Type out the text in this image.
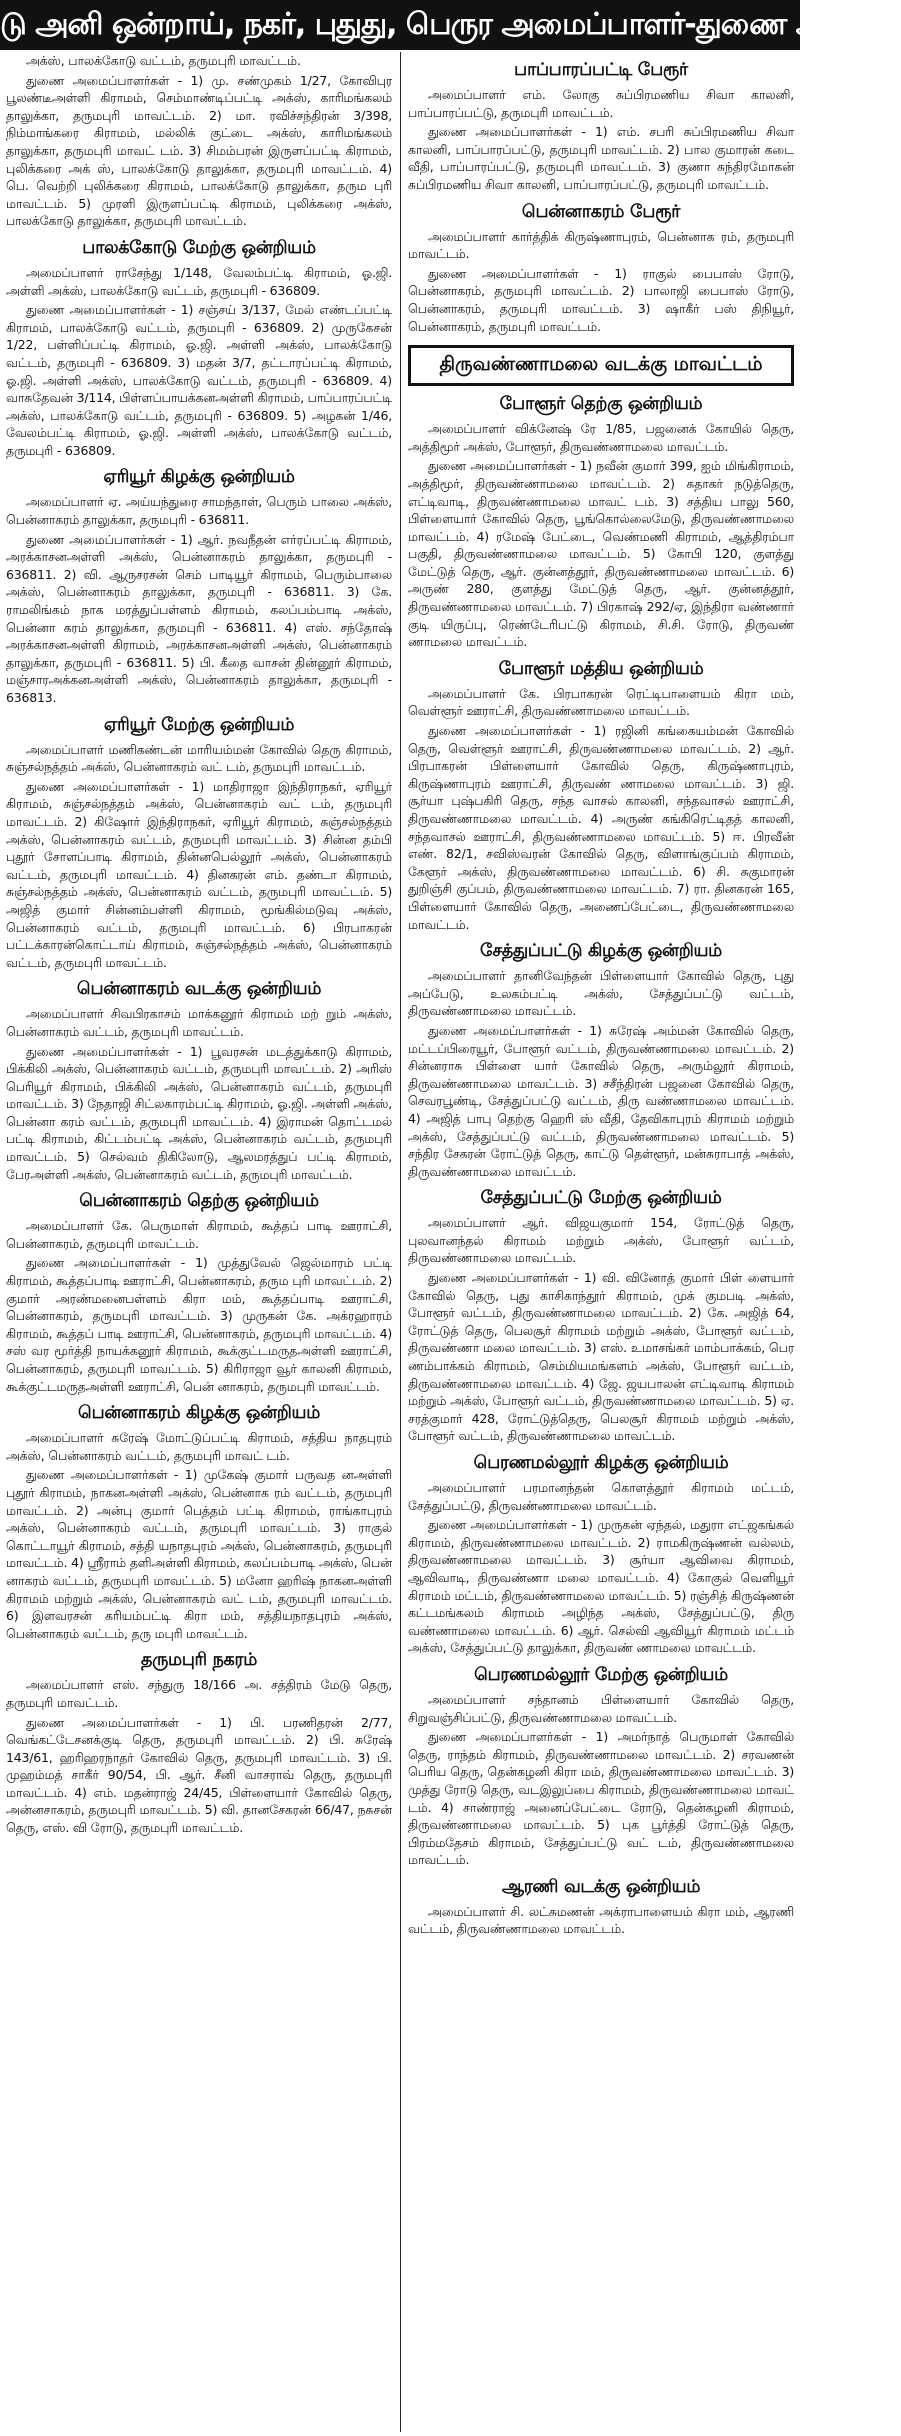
டு அனி ஒன்றாய், நகர், புதுது, பெருர அமைப்பாளர்-துணை அமைப்
அக்ஸ், பாலக்கோடு வட்டம், தருமபுரி மாவட்டம்.
துணை அமைப்பாளர்கள் - 1) மு. சண்முகம் 1/27, கோவிபுர பூலண்டீஅள்ளி கிராமம், செம்மாண்டிப்பட்டி அக்ஸ், காரிமங்கலம் தாலுக்கா, தருமபுரி மாவட்டம். 2) மா. ரவிச்சந்திரன் 3/398, நிம்மாங்கரை கிராமம், மல்லிக் குட்டை அக்ஸ், காரிமங்கலம் தாலுக்கா, தருமபுரி மாவட் டம். 3) சிமம்பரன் இருளப்பட்டி கிராமம், புலிக்கரை அக் ஸ், பாலக்கோடு தாலுக்கா, தருமபுரி மாவட்டம். 4) பெ. வெற்றி புலிக்கரை கிராமம், பாலக்கோடு தாலுக்கா, தரும புரி மாவட்டம். 5) முரளி இருளப்பட்டி கிராமம், புலிக்கரை அக்ஸ், பாலக்கோடு தாலுக்கா, தருமபுரி மாவட்டம்.
பாலக்கோடு மேற்கு ஒன்றியம்
அமைப்பாளர் ராசேந்து 1/148, வேலம்பட்டி கிராமம், ஓ.ஜி. அள்ளி அக்ஸ், பாலக்கோடு வட்டம், தருமபுரி - 636809.
துணை அமைப்பாளர்கள் - 1) சஞ்சய் 3/137, மேல் எண்டப்பட்டி கிராமம், பாலக்கோடு வட்டம், தருமபுரி - 636809. 2) முருகேசன் 1/22, பள்ளிப்பட்டி கிராமம், ஓ.ஜி. அள்ளி அக்ஸ், பாலக்கோடு வட்டம், தருமபுரி - 636809. 3) மதன் 3/7, தட்டாரப்பட்டி கிராமம், ஓ.ஜி. அள்ளி அக்ஸ், பாலக்கோடு வட்டம், தருமபுரி - 636809. 4) வாசுதேவன் 3/114, பிள்ளப்பாயக்கனஅள்ளி கிராமம், பாப்பாரப்பட்டி அக்ஸ், பாலக்கோடு வட்டம், தருமபுரி - 636809. 5) அழகன் 1/46, வேலம்பட்டி கிராமம், ஓ.ஜி. அள்ளி அக்ஸ், பாலக்கோடு வட்டம், தருமபுரி - 636809.
ஏரியூர் கிழக்கு ஒன்றியம்
அமைப்பாளர் ஏ. அய்யந்துரை சாமந்தாள், பெரும் பாலை அக்ஸ், பென்னாகரம் தாலுக்கா, தருமபுரி - 636811.
துணை அமைப்பாளர்கள் - 1) ஆர். நவநீதன் எர்ரப்பட்டி கிராமம், அரக்காசனஅள்ளி அக்ஸ், பென்னாகரம் தாலுக்கா, தருமபுரி - 636811. 2) வி. ஆருசரசன் செம் பாடியூர் கிராமம், பெரும்பாலை அக்ஸ், பென்னாகரம் தாலுக்கா, தருமபுரி - 636811. 3) கே. ராமலிங்கம் நாக மரத்துப்பள்ளம் கிராமம், கலப்பம்பாடி அக்ஸ், பென்னா கரம் தாலுக்கா, தருமபுரி - 636811. 4) எஸ். சந்தோஷ் அரக்காசனஅள்ளி கிராமம், அரக்காசனஅள்ளி அக்ஸ், பென்னாகரம் தாலுக்கா, தருமபுரி - 636811. 5) பி. கீதை வாசன் தின்னூர் கிராமம், மஞ்சாரஅக்கனஅள்ளி அக்ஸ், பென்னாகரம் தாலுக்கா, தருமபுரி - 636813.
ஏரியூர் மேற்கு ஒன்றியம்
அமைப்பாளர் மணிகண்டன் மாரியம்மன் கோவில் தெரு கிராமம், சுஞ்சல்நத்தம் அக்ஸ், பென்னாகரம் வட் டம், தருமபுரி மாவட்டம்.
துணை அமைப்பாளர்கள் - 1) மாதிராஜா இந்திராநகர், ஏரியூர் கிராமம், சுஞ்சல்நத்தம் அக்ஸ், பென்னாகரம் வட் டம், தருமபுரி மாவட்டம். 2) கிஷோர் இந்திராநகர், ஏரியூர் கிராமம், சுஞ்சல்நத்தம் அக்ஸ், பென்னாகரம் வட்டம், தருமபுரி மாவட்டம். 3) சின்ன தம்பி புதூர் சோளப்பாடி கிராமம், தின்னபெல்லூர் அக்ஸ், பென்னாகரம் வட்டம், தருமபுரி மாவட்டம். 4) தினகரன் எம். தண்டா கிராமம், சுஞ்சல்நத்தம் அக்ஸ், பென்னாகரம் வட்டம், தருமபுரி மாவட்டம். 5) அஜித் குமார் சின்னம்பள்ளி கிராமம், மூங்கில்மடுவு அக்ஸ், பென்னாகரம் வட்டம், தருமபுரி மாவட்டம். 6) பிரபாகரன் பட்டக்காரன்கொட்டாய் கிராமம், சுஞ்சல்நத்தம் அக்ஸ், பென்னாகரம் வட்டம், தருமபுரி மாவட்டம்.
பென்னாகரம் வடக்கு ஒன்றியம்
அமைப்பாளர் சிவபிரகாசம் மாக்கனூர் கிராமம் மற் றும் அக்ஸ், பென்னாகரம் வட்டம், தருமபுரி மாவட்டம்.
துணை அமைப்பாளர்கள் - 1) பூவரசன் மடத்துக்காடு கிராமம், பிக்கிலி அக்ஸ், பென்னாகரம் வட்டம், தருமபுரி மாவட்டம். 2) அரிஸ் பெரியூர் கிராமம், பிக்கிலி அக்ஸ், பென்னாகரம் வட்டம், தருமபுரி மாவட்டம். 3) நேதாஜி சிட்லகாரம்பட்டி கிராமம், ஓ.ஜி. அள்ளி அக்ஸ், பென்னா கரம் வட்டம், தருமபுரி மாவட்டம். 4) இராமன் தொட்டமல் பட்டி கிராமம், கிட்டம்பட்டி அக்ஸ், பென்னாகரம் வட்டம், தருமபுரி மாவட்டம். 5) செல்வம் திகிலோடு, ஆலமரத்துப் பட்டி கிராமம், பேரஅள்ளி அக்ஸ், பென்னாகரம் வட்டம், தருமபுரி மாவட்டம்.
பென்னாகரம் தெற்கு ஒன்றியம்
அமைப்பாளர் கே. பெருமாள் கிராமம், கூத்தப் பாடி ஊராட்சி, பென்னாகரம், தருமபுரி மாவட்டம்.
துணை அமைப்பாளர்கள் - 1) முத்துவேல் ஜெல்மாரம் பட்டி கிராமம், கூத்தப்பாடி ஊராட்சி, பென்னாகரம், தரும புரி மாவட்டம். 2) குமார் அரண்மனைபள்ளம் கிரா மம், கூத்தப்பாடி ஊராட்சி, பென்னாகரம், தருமபுரி மாவட்டம். 3) முருகன் கே. அக்ரஹாரம் கிராமம், கூத்தப் பாடி ஊராட்சி, பென்னாகரம், தருமபுரி மாவட்டம். 4) சஸ் வர மூர்த்தி நாயக்கனூர் கிராமம், கூக்குட்டமருதஅள்ளி ஊராட்சி, பென்னாகரம், தருமபுரி மாவட்டம். 5) கிரிராஜா வூர் காலனி கிராமம், கூக்குட்டமருதஅள்ளி ஊராட்சி, பென் னாகரம், தருமபுரி மாவட்டம்.
பென்னாகரம் கிழக்கு ஒன்றியம்
அமைப்பாளர் சுரேஷ் மோட்டுப்பட்டி கிராமம், சத்திய நாதபுரம் அக்ஸ், பென்னாகரம் வட்டம், தருமபுரி மாவட் டம்.
துணை அமைப்பாளர்கள் - 1) முகேஷ் குமார் பருவத னஅள்ளி புதூர் கிராமம், நாகனஅள்ளி அக்ஸ், பென்னாக ரம் வட்டம், தருமபுரி மாவட்டம். 2) அன்பு குமார் பெத்தம் பட்டி கிராமம், ராங்காபுரம் அக்ஸ், பென்னாகரம் வட்டம், தருமபுரி மாவட்டம். 3) ராகுல் கொட்டாயூர் கிராமம், சத்தி யநாதபுரம் அக்ஸ், பென்னாகரம், தருமபுரி மாவட்டம். 4) ஸ்ரீராம் தளிஅள்ளி கிராமம், கலப்பம்பாடி அக்ஸ், பென் னாகரம் வட்டம், தருமபுரி மாவட்டம். 5) மனோ ஹரிஷ் நாகனஅள்ளி கிராமம் மற்றும் அக்ஸ், பென்னாகரம் வட் டம், தருமபுரி மாவட்டம். 6) இளவரசன் கரியம்பட்டி கிரா மம், சத்தியநாதபுரம் அக்ஸ், பென்னாகரம் வட்டம், தரு மபுரி மாவட்டம்.
தருமபுரி நகரம்
அமைப்பாளர் எஸ். சந்துரு 18/166 அ. சத்திரம் மேடு தெரு, தருமபுரி மாவட்டம்.
துணை அமைப்பாளர்கள் - 1) பி. பரணிதரன் 2/77, வெங்கட்டேசனக்குடி தெரு, தருமபுரி மாவட்டம். 2) பி. சுரேஷ் 143/61, ஹரிஹரநாதர் கோவில் தெரு, தருமபுரி மாவட்டம். 3) பி. முஹம்மத் சாகீர் 90/54, பி. ஆர். சீனி வாசராவ் தெரு, தருமபுரி மாவட்டம். 4) எம். மதன்ராஜ் 24/45, பிள்ளையார் கோவில் தெரு, அன்னசாகரம், தருமபுரி மாவட்டம். 5) வி. தானசேகரன் 66/47, நசுசன் தெரு, எஸ். வி ரோடு, தருமபுரி மாவட்டம்.
பாப்பாரப்பட்டி பேரூர்
அமைப்பாளர் எம். லோகு சுப்பிரமணிய சிவா காலனி, பாப்பாரப்பட்டு, தருமபுரி மாவட்டம்.
துணை அமைப்பாளர்கள் - 1) எம். சபரி சுப்பிரமணிய சிவா காலனி, பாப்பாரப்பட்டு, தருமபுரி மாவட்டம். 2) பால குமாரன் கடை வீதி, பாப்பாரப்பட்டு, தருமபுரி மாவட்டம். 3) குணா சுந்திரமோகன் சுப்பிரமணிய சிவா காலனி, பாப்பாரப்பட்டு, தருமபுரி மாவட்டம்.
பென்னாகரம் பேரூர்
அமைப்பாளர் கார்த்திக் கிருஷ்ணாபுரம், பென்னாக ரம், தருமபுரி மாவட்டம்.
துணை அமைப்பாளர்கள் - 1) ராகுல் பைபாஸ் ரோடு, பென்னாகரம், தருமபுரி மாவட்டம். 2) பாலாஜி பைபாஸ் ரோடு, பென்னாகரம், தருமபுரி மாவட்டம். 3) ஷாகீர் பஸ் திநியூர், பென்னாகரம், தருமபுரி மாவட்டம்.
திருவண்ணாமலை வடக்கு மாவட்டம்
போளூர் தெற்கு ஒன்றியம்
அமைப்பாளர் விக்னேஷ் ரே 1/85, பஜனைக் கோயில் தெரு, அத்திமூர் அக்ஸ், போளூர், திருவண்ணாமலை மாவட்டம்.
துணை அமைப்பாளர்கள் - 1) நவீன் குமார் 399, ஐம் மிங்கிராமம், அத்திமூர், திருவண்ணாமலை மாவட்டம். 2) சுதாகர் நடுத்தெரு, எட்டிவாடி, திருவண்ணாமலை மாவட் டம். 3) சத்திய பாலு 560, பிள்ளையார் கோவில் தெரு, பூங்கொல்லைமேடு, திருவண்ணாமலை மாவட்டம். 4) ரமேஷ் பேட்டை, வெண்மணி கிராமம், ஆத்திரம்பா பகுதி, திருவண்ணாமலை மாவட்டம். 5) கோபி 120, குளத்து மேட்டுத் தெரு, ஆர். குன்னத்தூர், திருவண்ணாமலை மாவட்டம். 6) அருண் 280, குளத்து மேட்டுத் தெரு, ஆர். குன்னத்தூர், திருவண்ணாமலை மாவட்டம். 7) பிரகாஷ் 292/ஏ, இந்திரா வண்ணார் குடி யிருப்பு, ரெண்டேரிபட்டு கிராமம், சி.சி. ரோடு, திருவண் ணாமலை மாவட்டம்.
போளூர் மத்திய ஒன்றியம்
அமைப்பாளர் கே. பிரபாகரன் ரெட்டிபாளையம் கிரா மம், வெள்ளூர் ஊராட்சி, திருவண்ணாமலை மாவட்டம்.
துணை அமைப்பாளர்கள் - 1) ரஜினி கங்கையம்மன் கோவில் தெரு, வெள்ளூர் ஊராட்சி, திருவண்ணாமலை மாவட்டம். 2) ஆர். பிரபாகரன் பிள்ளையார் கோவில் தெரு, கிருஷ்ணாபுரம், கிருஷ்ணாபுரம் ஊராட்சி, திருவண் ணாமலை மாவட்டம். 3) ஜி. சூர்யா புஷ்பகிரி தெரு, சந்த வாசல் காலனி, சந்தவாசல் ஊராட்சி, திருவண்ணாமலை மாவட்டம். 4) அருண் கங்கிரெட்டிதத் காலனி, சந்தவாசல் ஊராட்சி, திருவண்ணாமலை மாவட்டம். 5) ஈ. பிரவீன் எண். 82/1, சவிஸ்வரன் கோவில் தெரு, விளாங்குப்பம் கிராமம், கேளூர் அக்ஸ், திருவண்ணாமலை மாவட்டம். 6) சி. சுகுமாரன் துறிஞ்சி குப்பம், திருவண்ணாமலை மாவட்டம். 7) ரா. தினகரன் 165, பிள்ளையார் கோவில் தெரு, அணைப்பேட்டை, திருவண்ணாமலை மாவட்டம்.
சேத்துப்பட்டு கிழக்கு ஒன்றியம்
அமைப்பாளர் தானிவேந்தன் பிள்ளையார் கோவில் தெரு, புது அப்பேடு, உலகம்பட்டி அக்ஸ், சேத்துப்பட்டு வட்டம், திருவண்ணாமலை மாவட்டம்.
துணை அமைப்பாளர்கள் - 1) சுரேஷ் அம்மன் கோவில் தெரு, மட்டப்பிரையூர், போளூர் வட்டம், திருவண்ணாமலை மாவட்டம். 2) சின்னராசு பிள்ளை யார் கோவில் தெரு, அரும்லூர் கிராமம், திருவண்ணாமலை மாவட்டம். 3) சசீந்திரன் பஜனை கோவில் தெரு, செவரபூண்டி, சேத்துப்பட்டு வட்டம், திரு வண்ணாமலை மாவட்டம். 4) அஜித் பாபு தெற்கு ஹெரி ஸ் வீதி, தேவிகாபுரம் கிராமம் மற்றும் அக்ஸ், சேத்துப்பட்டு வட்டம், திருவண்ணாமலை மாவட்டம். 5) சந்திர சேகரன் ரோட்டுத் தெரு, காட்டு தெள்ளூர், மன்சுராபாத் அக்ஸ், திருவண்ணாமலை மாவட்டம்.
சேத்துப்பட்டு மேற்கு ஒன்றியம்
அமைப்பாளர் ஆர். விஜயகுமார் 154, ரோட்டுத் தெரு, புலவானந்தல் கிராமம் மற்றும் அக்ஸ், போளூர் வட்டம், திருவண்ணாமலை மாவட்டம்.
துணை அமைப்பாளர்கள் - 1) வி. வினோத் குமார் பிள் ளையார் கோவில் தெரு, புது காசிகாந்தூர் கிராமம், முக் குமபடி அக்ஸ், போளூர் வட்டம், திருவண்ணாமலை மாவட்டம். 2) கே. அஜித் 64, ரோட்டுத் தெரு, பெலசூர் கிராமம் மற்றும் அக்ஸ், போளூர் வட்டம், திருவண்ணா மலை மாவட்டம். 3) எஸ். உமாசங்கர் மாம்பாக்கம், பெர ணம்பாக்கம் கிராமம், செம்மியமங்களம் அக்ஸ், போளூர் வட்டம், திருவண்ணாமலை மாவட்டம். 4) ஜே. ஜயபாலன் எட்டிவாடி கிராமம் மற்றும் அக்ஸ், போளூர் வட்டம், திருவண்ணாமலை மாவட்டம். 5) ஏ. சரத்குமார் 428, ரோட்டுத்தெரு, பெலசூர் கிராமம் மற்றும் அக்ஸ், போளூர் வட்டம், திருவண்ணாமலை மாவட்டம்.
பெரணமல்லூர் கிழக்கு ஒன்றியம்
அமைப்பாளர் பரமானந்தன் கொளத்தூர் கிராமம் மட்டம், சேத்துப்பட்டு, திருவண்ணாமலை மாவட்டம்.
துணை அமைப்பாளர்கள் - 1) முருகன் ஏந்தல், மதுரா எட்ஜகங்கல் கிராமம், திருவண்ணாமலை மாவட்டம். 2) ராமகிருஷ்ணன் வல்லம், திருவண்ணாமலை மாவட்டம். 3) சூர்யா ஆவிவை கிராமம், ஆவிவாடி, திருவண்ணா மலை மாவட்டம். 4) கோகுல் வெளியூர் கிராமம் மட்டம், திருவண்ணாமலை மாவட்டம். 5) ரஞ்சித் கிருஷ்ணன் கட்டமங்கலம் கிராமம் அழிந்த அக்ஸ், சேத்துப்பட்டு, திரு வண்ணாமலை மாவட்டம். 6) ஆர். செல்வி ஆவியூர் கிராமம் மட்டம் அக்ஸ், சேத்துப்பட்டு தாலுக்கா, திருவண் ணாமலை மாவட்டம்.
பெரணமல்லூர் மேற்கு ஒன்றியம்
அமைப்பாளர் சந்தானம் பிள்ளையார் கோவில் தெரு, சிறுவஞ்சிப்பட்டு, திருவண்ணாமலை மாவட்டம்.
துணை அமைப்பாளர்கள் - 1) அமர்நாத் பெருமாள் கோவில் தெரு, ராந்தம் கிராமம், திருவண்ணாமலை மாவட்டம். 2) சரவணன் பெரிய தெரு, தென்கழனி கிரா மம், திருவண்ணாமலை மாவட்டம். 3) முத்து ரோடு தெரு, வடஇலுப்பை கிராமம், திருவண்ணாமலை மாவட் டம். 4) சாண்ராஜ் அனைப்பேட்டை ரோடு, தென்கழனி கிராமம், திருவண்ணாமலை மாவட்டம். 5) புக பூர்த்தி ரோட்டுத் தெரு, பிரம்மதேசம் கிராமம், சேத்துப்பட்டு வட் டம், திருவண்ணாமலை மாவட்டம்.
ஆரணி வடக்கு ஒன்றியம்
அமைப்பாளர் சி. லட்சுமணன் அக்ராபாளையம் கிரா மம், ஆரணி வட்டம், திருவண்ணாமலை மாவட்டம்.
